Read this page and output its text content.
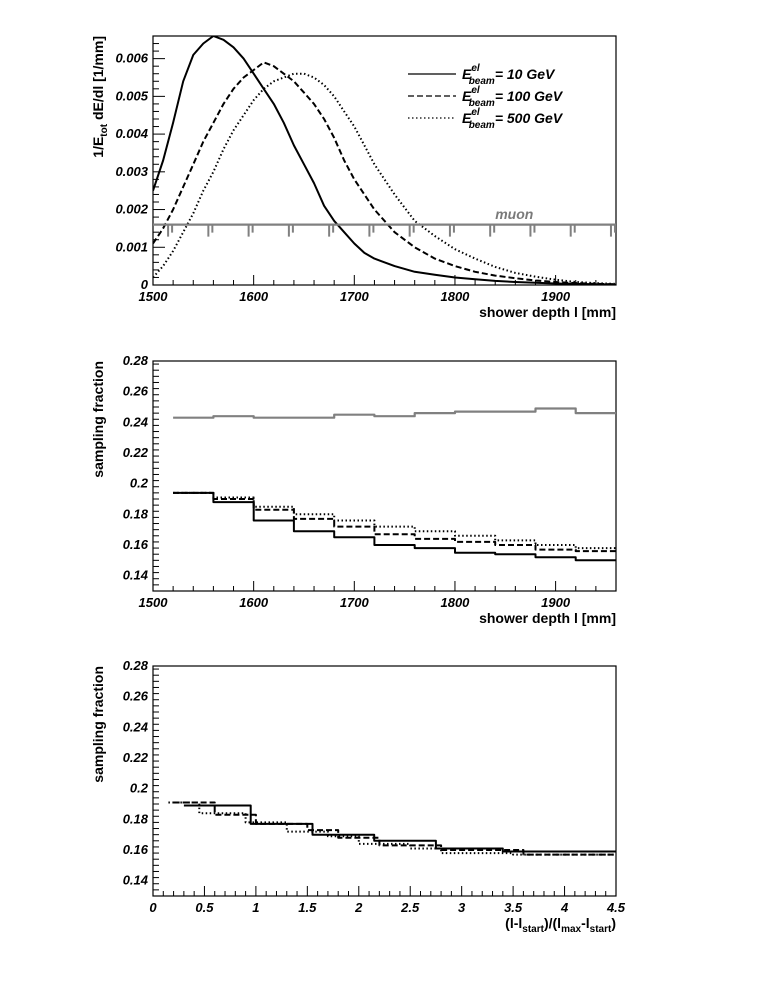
1500	1600	1700	1800	1900
0
0.001
0.002
0.003
0.004
0.005
0.006
shower depth l [mm]
1/Etot dE/dl [1/mm]	$E^{el}$ beam= 10 GeV
$E^{el}$ beam= 100 GeV
$E^{el}$ beam= 500 GeV
muon
1500	1600	1700	1800	1900
0.14
0.16
0.18
0.2
0.22
0.24
0.26
0.28
shower depth l [mm]
sampling fraction
0	0.5	1	1.5	2	2.5	3	3.5	4	4.5
0.14
0.16
0.18
0.2
0.22
0.24
0.26
0.28
(l-lstart)/(lmax-lstart)
sampling fraction
